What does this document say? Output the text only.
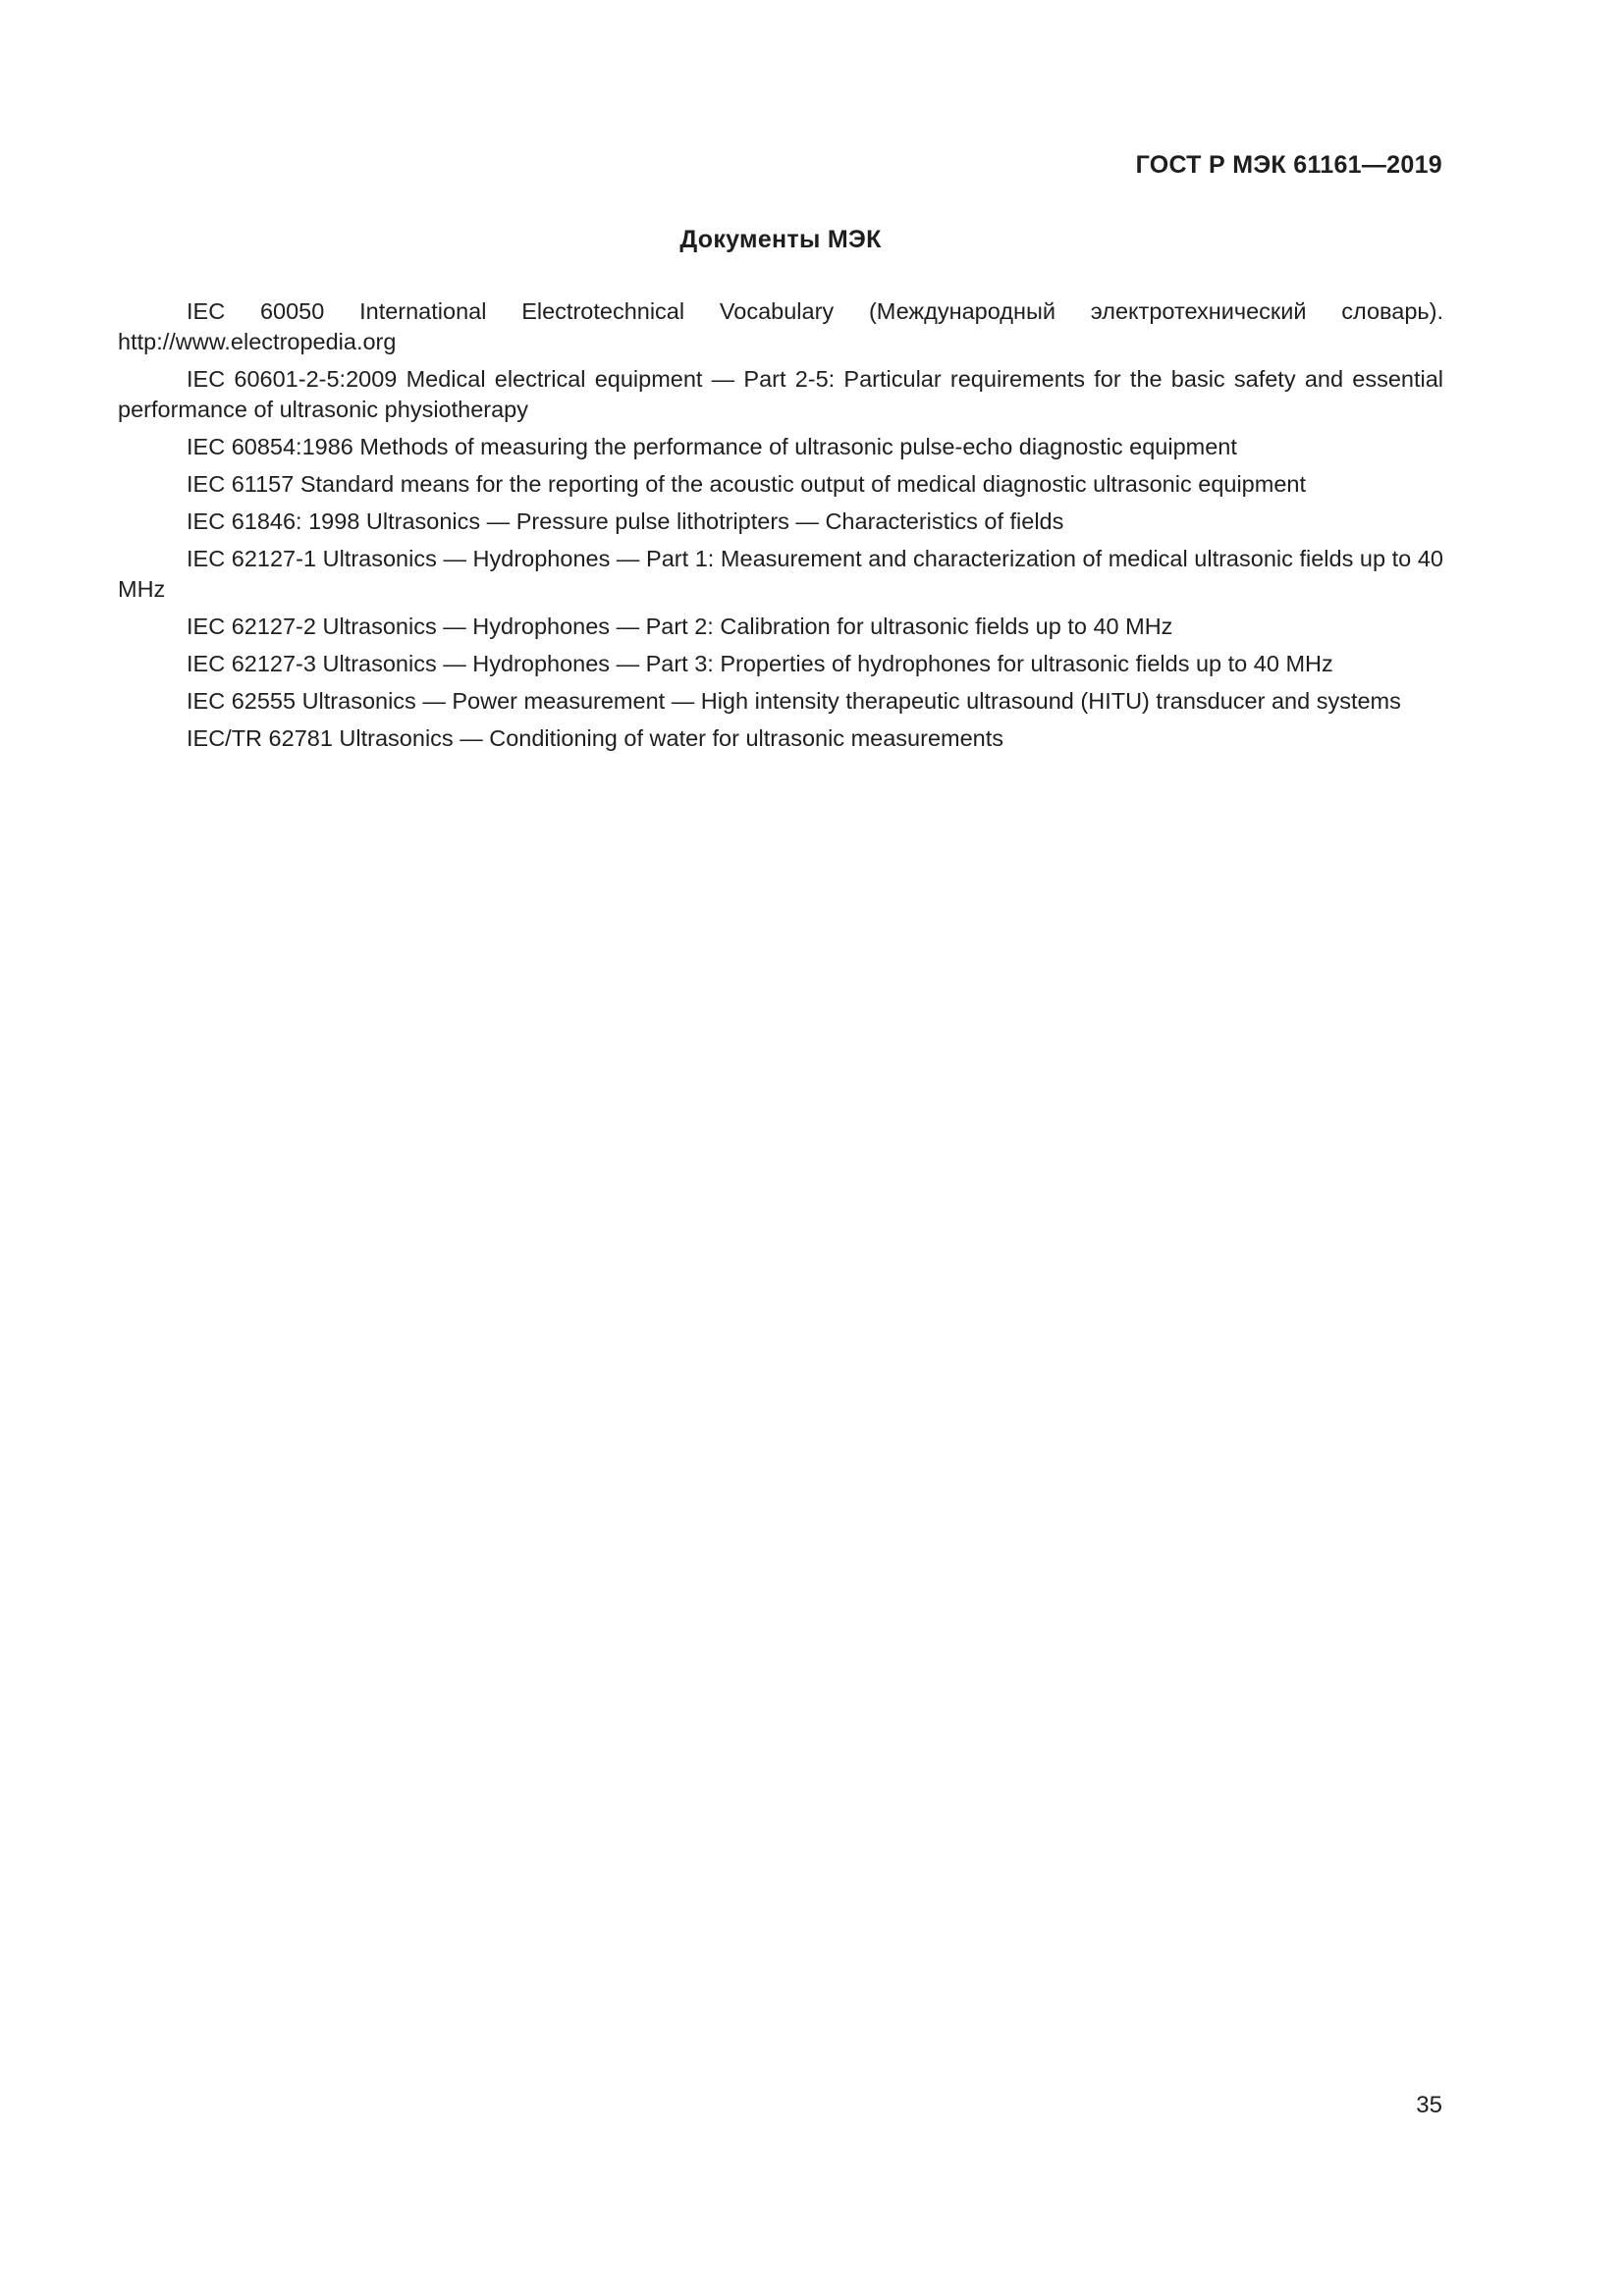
ГОСТ Р МЭК 61161—2019
Документы МЭК
IEC 60050 International Electrotechnical Vocabulary (Международный электротехнический словарь). http://www.electropedia.org
IEC 60601-2-5:2009 Medical electrical equipment — Part 2-5: Particular requirements for the basic safety and essential performance of ultrasonic physiotherapy
IEC 60854:1986 Methods of measuring the performance of ultrasonic pulse-echo diagnostic equipment
IEC 61157 Standard means for the reporting of the acoustic output of medical diagnostic ultrasonic equipment
IEC 61846: 1998 Ultrasonics — Pressure pulse lithotripters — Characteristics of fields
IEC 62127-1 Ultrasonics — Hydrophones — Part 1: Measurement and characterization of medical ultrasonic fields up to 40 MHz
IEC 62127-2 Ultrasonics — Hydrophones — Part 2: Calibration for ultrasonic fields up to 40 MHz
IEC 62127-3 Ultrasonics — Hydrophones — Part 3: Properties of hydrophones for ultrasonic fields up to 40 MHz
IEC 62555 Ultrasonics — Power measurement — High intensity therapeutic ultrasound (HITU) transducer and systems
IEC/TR 62781 Ultrasonics — Conditioning of water for ultrasonic measurements
35
